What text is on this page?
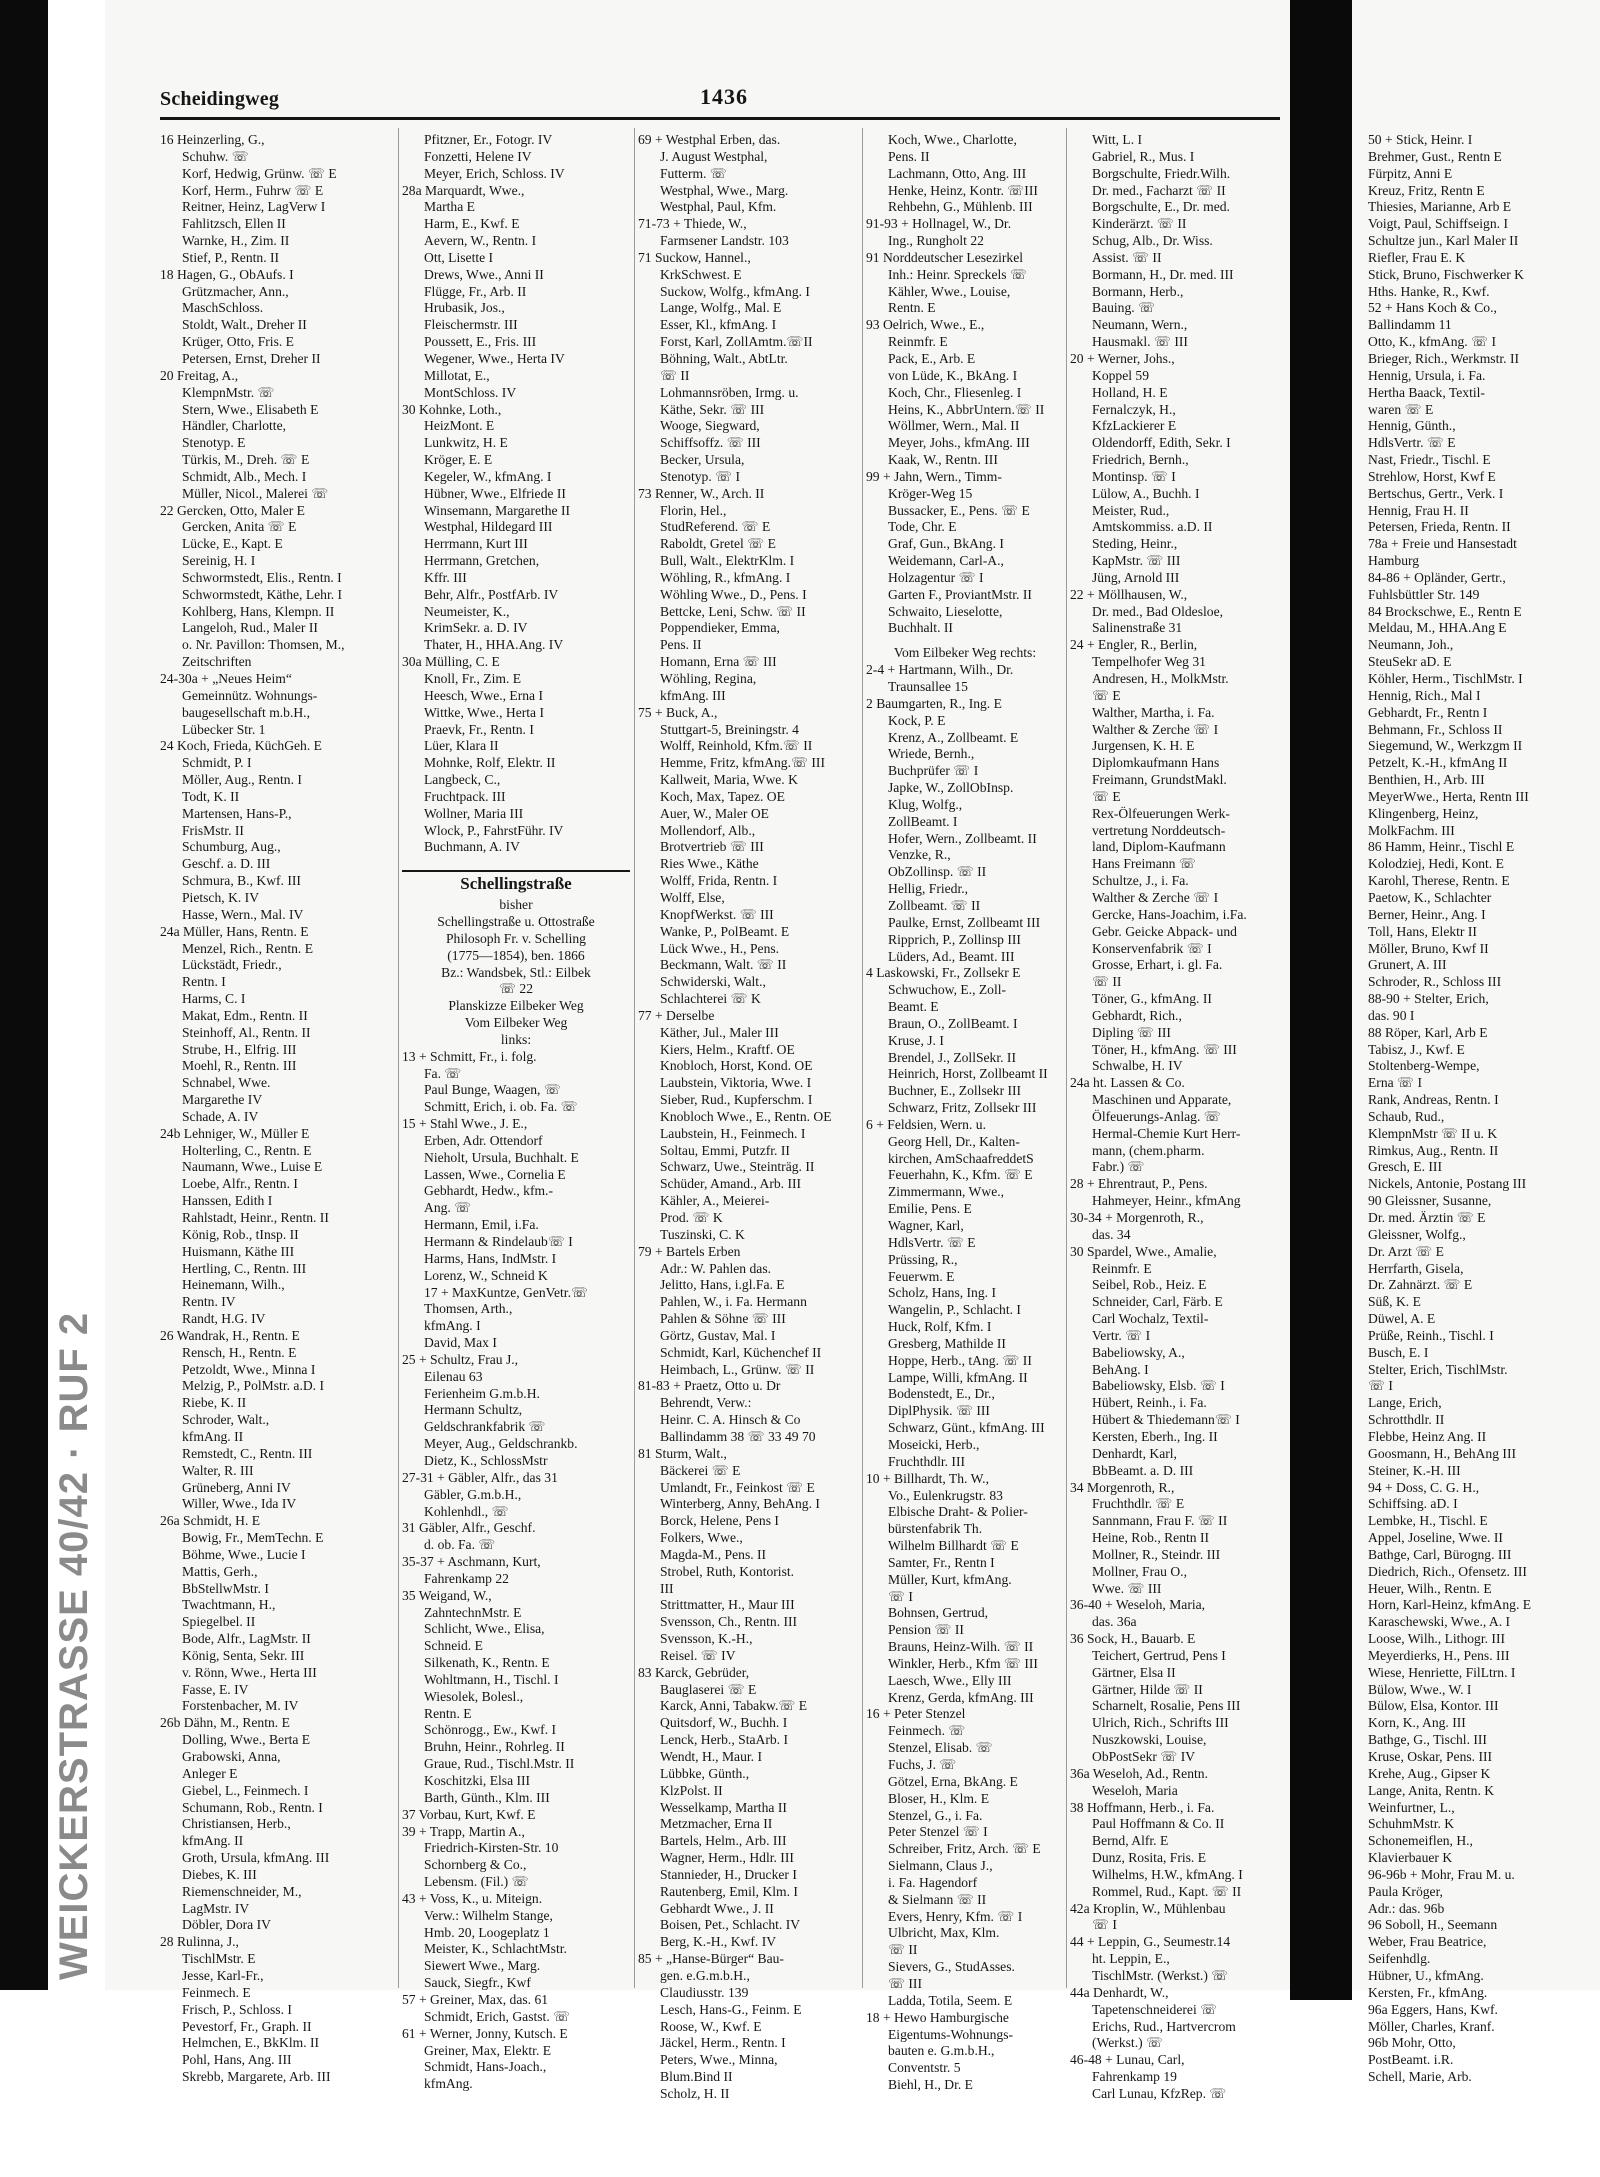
WEICKERSTRASSE 40/42 · RUF 2
Scheidingweg	1436
16 Heinzerling, G.,
Schuhw. ☏
Korf, Hedwig, Grünw. ☏ E
Korf, Herm., Fuhrw ☏ E
Reitner, Heinz, LagVerw I
Fahlitzsch, Ellen II
Warnke, H., Zim. II
Stief, P., Rentn. II
18 Hagen, G., ObAufs. I
Grützmacher, Ann.,
MaschSchloss.
Stoldt, Walt., Dreher II
Krüger, Otto, Fris. E
Petersen, Ernst, Dreher II
20 Freitag, A.,
KlempnMstr. ☏
Stern, Wwe., Elisabeth E
Händler, Charlotte,
Stenotyp. E
Türkis, M., Dreh. ☏ E
Schmidt, Alb., Mech. I
Müller, Nicol., Malerei ☏
22 Gercken, Otto, Maler E
Gercken, Anita ☏ E
Lücke, E., Kapt. E
Sereinig, H. I
Schwormstedt, Elis., Rentn. I
Schwormstedt, Käthe, Lehr. I
Kohlberg, Hans, Klempn. II
Langeloh, Rud., Maler II
o. Nr. Pavillon: Thomsen, M.,
Zeitschriften
24-30a + „Neues Heim“
Gemeinnütz. Wohnungs-
baugesellschaft m.b.H.,
Lübecker Str. 1
24 Koch, Frieda, KüchGeh. E
Schmidt, P. I
Möller, Aug., Rentn. I
Todt, K. II
Martensen, Hans-P.,
FrisMstr. II
Schumburg, Aug.,
Geschf. a. D. III
Schmura, B., Kwf. III
Pietsch, K. IV
Hasse, Wern., Mal. IV
24a Müller, Hans, Rentn. E
Menzel, Rich., Rentn. E
Lückstädt, Friedr.,
Rentn. I
Harms, C. I
Makat, Edm., Rentn. II
Steinhoff, Al., Rentn. II
Strube, H., Elfrig. III
Moehl, R., Rentn. III
Schnabel, Wwe.
Margarethe IV
Schade, A. IV
24b Lehniger, W., Müller E
Holterling, C., Rentn. E
Naumann, Wwe., Luise E
Loebe, Alfr., Rentn. I
Hanssen, Edith I
Rahlstadt, Heinr., Rentn. II
König, Rob., tInsp. II
Huismann, Käthe III
Hertling, C., Rentn. III
Heinemann, Wilh.,
Rentn. IV
Randt, H.G. IV
26 Wandrak, H., Rentn. E
Rensch, H., Rentn. E
Petzoldt, Wwe., Minna I
Melzig, P., PolMstr. a.D. I
Riebe, K. II
Schroder, Walt.,
kfmAng. II
Remstedt, C., Rentn. III
Walter, R. III
Grüneberg, Anni IV
Willer, Wwe., Ida IV
26a Schmidt, H. E
Bowig, Fr., MemTechn. E
Böhme, Wwe., Lucie I
Mattis, Gerh.,
BbStellwMstr. I
Twachtmann, H.,
Spiegelbel. II
Bode, Alfr., LagMstr. II
König, Senta, Sekr. III
v. Rönn, Wwe., Herta III
Fasse, E. IV
Forstenbacher, M. IV
26b Dähn, M., Rentn. E
Dolling, Wwe., Berta E
Grabowski, Anna,
Anleger E
Giebel, L., Feinmech. I
Schumann, Rob., Rentn. I
Christiansen, Herb.,
kfmAng. II
Groth, Ursula, kfmAng. III
Diebes, K. III
Riemenschneider, M.,
LagMstr. IV
Döbler, Dora IV
28 Rulinna, J.,
TischlMstr. E
Jesse, Karl-Fr.,
Feinmech. E
Frisch, P., Schloss. I
Pevestorf, Fr., Graph. II
Helmchen, E., BkKlm. II
Pohl, Hans, Ang. III
Skrebb, Margarete, Arb. III
Pfitzner, Er., Fotogr. IV
Fonzetti, Helene IV
Meyer, Erich, Schloss. IV
28a Marquardt, Wwe.,
Martha E
Harm, E., Kwf. E
Aevern, W., Rentn. I
Ott, Lisette I
Drews, Wwe., Anni II
Flügge, Fr., Arb. II
Hrubasik, Jos.,
Fleischermstr. III
Poussett, E., Fris. III
Wegener, Wwe., Herta IV
Millotat, E.,
MontSchloss. IV
30 Kohnke, Loth.,
HeizMont. E
Lunkwitz, H. E
Kröger, E. E
Kegeler, W., kfmAng. I
Hübner, Wwe., Elfriede II
Winsemann, Margarethe II
Westphal, Hildegard III
Herrmann, Kurt III
Herrmann, Gretchen,
Kffr. III
Behr, Alfr., PostfArb. IV
Neumeister, K.,
KrimSekr. a. D. IV
Thater, H., HHA.Ang. IV
30a Mülling, C. E
Knoll, Fr., Zim. E
Heesch, Wwe., Erna I
Wittke, Wwe., Herta I
Praevk, Fr., Rentn. I
Lüer, Klara II
Mohnke, Rolf, Elektr. II
Langbeck, C.,
Fruchtpack. III
Wollner, Maria III
Wlock, P., FahrstFühr. IV
Buchmann, A. IV
Schellingstraße
bisher
Schellingstraße u. Ottostraße
Philosoph Fr. v. Schelling
(1775—1854), ben. 1866
Bz.: Wandsbek, Stl.: Eilbek
☏ 22
Planskizze Eilbeker Weg
Vom Eilbeker Weg
links:
13 + Schmitt, Fr., i. folg.
Fa. ☏
Paul Bunge, Waagen, ☏
Schmitt, Erich, i. ob. Fa. ☏
15 + Stahl Wwe., J. E.,
Erben, Adr. Ottendorf
Nieholt, Ursula, Buchhalt. E
Lassen, Wwe., Cornelia E
Gebhardt, Hedw., kfm.-
Ang. ☏
Hermann, Emil, i.Fa.
Hermann & Rindelaub☏ I
Harms, Hans, IndMstr. I
Lorenz, W., Schneid K
17 + MaxKuntze, GenVetr.☏
Thomsen, Arth.,
kfmAng. I
David, Max I
25 + Schultz, Frau J.,
Eilenau 63
Ferienheim G.m.b.H.
Hermann Schultz,
Geldschrankfabrik ☏
Meyer, Aug., Geldschrankb.
Dietz, K., SchlossMstr
27-31 + Gäbler, Alfr., das 31
Gäbler, G.m.b.H.,
Kohlenhdl., ☏
31 Gäbler, Alfr., Geschf.
d. ob. Fa. ☏
35-37 + Aschmann, Kurt,
Fahrenkamp 22
35 Weigand, W.,
ZahntechnMstr. E
Schlicht, Wwe., Elisa,
Schneid. E
Silkenath, K., Rentn. E
Wohltmann, H., Tischl. I
Wiesolek, Bolesl.,
Rentn. E
Schönrogg., Ew., Kwf. I
Bruhn, Heinr., Rohrleg. II
Graue, Rud., Tischl.Mstr. II
Koschitzki, Elsa III
Barth, Günth., Klm. III
37 Vorbau, Kurt, Kwf. E
39 + Trapp, Martin A.,
Friedrich-Kirsten-Str. 10
Schornberg & Co.,
Lebensm. (Fil.) ☏
43 + Voss, K., u. Miteign.
Verw.: Wilhelm Stange,
Hmb. 20, Loogeplatz 1
Meister, K., SchlachtMstr.
Siewert Wwe., Marg.
Sauck, Siegfr., Kwf
57 + Greiner, Max, das. 61
Schmidt, Erich, Gastst. ☏
61 + Werner, Jonny, Kutsch. E
Greiner, Max, Elektr. E
Schmidt, Hans-Joach.,
kfmAng.
69 + Westphal Erben, das.
J. August Westphal,
Futterm. ☏
Westphal, Wwe., Marg.
Westphal, Paul, Kfm.
71-73 + Thiede, W.,
Farmsener Landstr. 103
71 Suckow, Hannel.,
KrkSchwest. E
Suckow, Wolfg., kfmAng. I
Lange, Wolfg., Mal. E
Esser, Kl., kfmAng. I
Forst, Karl, ZollAmtm.☏II
Böhning, Walt., AbtLtr.
☏ II
Lohmannsröben, Irmg. u.
Käthe, Sekr. ☏ III
Wooge, Siegward,
Schiffsoffz. ☏ III
Becker, Ursula,
Stenotyp. ☏ I
73 Renner, W., Arch. II
Florin, Hel.,
StudReferend. ☏ E
Raboldt, Gretel ☏ E
Bull, Walt., ElektrKlm. I
Wöhling, R., kfmAng. I
Wöhling Wwe., D., Pens. I
Bettcke, Leni, Schw. ☏ II
Poppendieker, Emma,
Pens. II
Homann, Erna ☏ III
Wöhling, Regina,
kfmAng. III
75 + Buck, A.,
Stuttgart-5, Breiningstr. 4
Wolff, Reinhold, Kfm.☏ II
Hemme, Fritz, kfmAng.☏ III
Kallweit, Maria, Wwe. K
Koch, Max, Tapez. OE
Auer, W., Maler OE
Mollendorf, Alb.,
Brotvertrieb ☏ III
Ries Wwe., Käthe
Wolff, Frida, Rentn. I
Wolff, Else,
KnopfWerkst. ☏ III
Wanke, P., PolBeamt. E
Lück Wwe., H., Pens.
Beckmann, Walt. ☏ II
Schwiderski, Walt.,
Schlachterei ☏ K
77 + Derselbe
Käther, Jul., Maler III
Kiers, Helm., Kraftf. OE
Knobloch, Horst, Kond. OE
Laubstein, Viktoria, Wwe. I
Sieber, Rud., Kupferschm. I
Knobloch Wwe., E., Rentn. OE
Laubstein, H., Feinmech. I
Soltau, Emmi, Putzfr. II
Schwarz, Uwe., Steinträg. II
Schüder, Amand., Arb. III
Kähler, A., Meierei-
Prod. ☏ K
Tuszinski, C. K
79 + Bartels Erben
Adr.: W. Pahlen das.
Jelitto, Hans, i.gl.Fa. E
Pahlen, W., i. Fa. Hermann
Pahlen & Söhne ☏ III
Görtz, Gustav, Mal. I
Schmidt, Karl, Küchenchef II
Heimbach, L., Grünw. ☏ II
81-83 + Praetz, Otto u. Dr
Behrendt, Verw.:
Heinr. C. A. Hinsch & Co
Ballindamm 38 ☏ 33 49 70
81 Sturm, Walt.,
Bäckerei ☏ E
Umlandt, Fr., Feinkost ☏ E
Winterberg, Anny, BehAng. I
Borck, Helene, Pens I
Folkers, Wwe.,
Magda-M., Pens. II
Strobel, Ruth, Kontorist.
III
Strittmatter, H., Maur III
Svensson, Ch., Rentn. III
Svensson, K.-H.,
Reisel. ☏ IV
83 Karck, Gebrüder,
Bauglaserei ☏ E
Karck, Anni, Tabakw.☏ E
Quitsdorf, W., Buchh. I
Lenck, Herb., StaArb. I
Wendt, H., Maur. I
Lübbke, Günth.,
KlzPolst. II
Wesselkamp, Martha II
Metzmacher, Erna II
Bartels, Helm., Arb. III
Wagner, Herm., Hdlr. III
Stannieder, H., Drucker I
Rautenberg, Emil, Klm. I
Gebhardt Wwe., J. II
Boisen, Pet., Schlacht. IV
Berg, K.-H., Kwf. IV
85 + „Hanse-Bürger“ Bau-
gen. e.G.m.b.H.,
Claudiusstr. 139
Lesch, Hans-G., Feinm. E
Roose, W., Kwf. E
Jäckel, Herm., Rentn. I
Peters, Wwe., Minna,
Blum.Bind II
Scholz, H. II
Koch, Wwe., Charlotte,
Pens. II
Lachmann, Otto, Ang. III
Henke, Heinz, Kontr. ☏III
Rehbehn, G., Mühlenb. III
91-93 + Hollnagel, W., Dr.
Ing., Rungholt 22
91 Norddeutscher Lesezirkel
Inh.: Heinr. Spreckels ☏
Kähler, Wwe., Louise,
Rentn. E
93 Oelrich, Wwe., E.,
Reinmfr. E
Pack, E., Arb. E
von Lüde, K., BkAng. I
Koch, Chr., Fliesenleg. I
Heins, K., AbbrUntern.☏ II
Wöllmer, Wern., Mal. II
Meyer, Johs., kfmAng. III
Kaak, W., Rentn. III
99 + Jahn, Wern., Timm-
Kröger-Weg 15
Bussacker, E., Pens. ☏ E
Tode, Chr. E
Graf, Gun., BkAng. I
Weidemann, Carl-A.,
Holzagentur ☏ I
Garten F., ProviantMstr. II
Schwaito, Lieselotte,
Buchhalt. II
Vom Eilbeker Weg rechts:
2-4 + Hartmann, Wilh., Dr.
Traunsallee 15
2 Baumgarten, R., Ing. E
Kock, P. E
Krenz, A., Zollbeamt. E
Wriede, Bernh.,
Buchprüfer ☏ I
Japke, W., ZollObInsp.
Klug, Wolfg.,
ZollBeamt. I
Hofer, Wern., Zollbeamt. II
Venzke, R.,
ObZollinsp. ☏ II
Hellig, Friedr.,
Zollbeamt. ☏ II
Paulke, Ernst, Zollbeamt III
Ripprich, P., Zollinsp III
Lüders, Ad., Beamt. III
4 Laskowski, Fr., Zollsekr E
Schwuchow, E., Zoll-
Beamt. E
Braun, O., ZollBeamt. I
Kruse, J. I
Brendel, J., ZollSekr. II
Heinrich, Horst, Zollbeamt II
Buchner, E., Zollsekr III
Schwarz, Fritz, Zollsekr III
6 + Feldsien, Wern. u.
Georg Hell, Dr., Kalten-
kirchen, AmSchaafreddetS
Feuerhahn, K., Kfm. ☏ E
Zimmermann, Wwe.,
Emilie, Pens. E
Wagner, Karl,
HdlsVertr. ☏ E
Prüssing, R.,
Feuerwm. E
Scholz, Hans, Ing. I
Wangelin, P., Schlacht. I
Huck, Rolf, Kfm. I
Gresberg, Mathilde II
Hoppe, Herb., tAng. ☏ II
Lampe, Willi, kfmAng. II
Bodenstedt, E., Dr.,
DiplPhysik. ☏ III
Schwarz, Günt., kfmAng. III
Moseicki, Herb.,
Fruchthdlr. III
10 + Billhardt, Th. W.,
Vo., Eulenkrugstr. 83
Elbische Draht- & Polier-
bürstenfabrik Th.
Wilhelm Billhardt ☏ E
Samter, Fr., Rentn I
Müller, Kurt, kfmAng.
☏ I
Bohnsen, Gertrud,
Pension ☏ II
Brauns, Heinz-Wilh. ☏ II
Winkler, Herb., Kfm ☏ III
Laesch, Wwe., Elly III
Krenz, Gerda, kfmAng. III
16 + Peter Stenzel
Feinmech. ☏
Stenzel, Elisab. ☏
Fuchs, J. ☏
Götzel, Erna, BkAng. E
Bloser, H., Klm. E
Stenzel, G., i. Fa.
Peter Stenzel ☏ I
Schreiber, Fritz, Arch. ☏ E
Sielmann, Claus J.,
i. Fa. Hagendorf
& Sielmann ☏ II
Evers, Henry, Kfm. ☏ I
Ulbricht, Max, Klm.
☏ II
Sievers, G., StudAsses.
☏ III
Ladda, Totila, Seem. E
18 + Hewo Hamburgische
Eigentums-Wohnungs-
bauten e. G.m.b.H.,
Conventstr. 5
Biehl, H., Dr. E
Witt, L. I
Gabriel, R., Mus. I
Borgschulte, Friedr.Wilh.
Dr. med., Facharzt ☏ II
Borgschulte, E., Dr. med.
Kinderärzt. ☏ II
Schug, Alb., Dr. Wiss.
Assist. ☏ II
Bormann, H., Dr. med. III
Bormann, Herb.,
Bauing. ☏
Neumann, Wern.,
Hausmakl. ☏ III
20 + Werner, Johs.,
Koppel 59
Holland, H. E
Fernalczyk, H.,
KfzLackierer E
Oldendorff, Edith, Sekr. I
Friedrich, Bernh.,
Montinsp. ☏ I
Lülow, A., Buchh. I
Meister, Rud.,
Amtskommiss. a.D. II
Steding, Heinr.,
KapMstr. ☏ III
Jüng, Arnold III
22 + Möllhausen, W.,
Dr. med., Bad Oldesloe,
Salinenstraße 31
24 + Engler, R., Berlin,
Tempelhofer Weg 31
Andresen, H., MolkMstr.
☏ E
Walther, Martha, i. Fa.
Walther & Zerche ☏ I
Jurgensen, K. H. E
Diplomkaufmann Hans
Freimann, GrundstMakl.
☏ E
Rex-Ölfeuerungen Werk-
vertretung Norddeutsch-
land, Diplom-Kaufmann
Hans Freimann ☏
Schultze, J., i. Fa.
Walther & Zerche ☏ I
Gercke, Hans-Joachim, i.Fa.
Gebr. Geicke Abpack- und
Konservenfabrik ☏ I
Grosse, Erhart, i. gl. Fa.
☏ II
Töner, G., kfmAng. II
Gebhardt, Rich.,
Dipling ☏ III
Töner, H., kfmAng. ☏ III
Schwalbe, H. IV
24a ht. Lassen & Co.
Maschinen und Apparate,
Ölfeuerungs-Anlag. ☏
Hermal-Chemie Kurt Herr-
mann, (chem.pharm.
Fabr.) ☏
28 + Ehrentraut, P., Pens.
Hahmeyer, Heinr., kfmAng
30-34 + Morgenroth, R.,
das. 34
30 Spardel, Wwe., Amalie,
Reinmfr. E
Seibel, Rob., Heiz. E
Schneider, Carl, Färb. E
Carl Wochalz, Textil-
Vertr. ☏ I
Babeliowsky, A.,
BehAng. I
Babeliowsky, Elsb. ☏ I
Hübert, Reinh., i. Fa.
Hübert & Thiedemann☏ I
Kersten, Eberh., Ing. II
Denhardt, Karl,
BbBeamt. a. D. III
34 Morgenroth, R.,
Fruchthdlr. ☏ E
Sannmann, Frau F. ☏ II
Heine, Rob., Rentn II
Mollner, R., Steindr. III
Mollner, Frau O.,
Wwe. ☏ III
36-40 + Weseloh, Maria,
das. 36a
36 Sock, H., Bauarb. E
Teichert, Gertrud, Pens I
Gärtner, Elsa II
Gärtner, Hilde ☏ II
Scharnelt, Rosalie, Pens III
Ulrich, Rich., Schrifts III
Nuszkowski, Louise,
ObPostSekr ☏ IV
36a Weseloh, Ad., Rentn.
Weseloh, Maria
38 Hoffmann, Herb., i. Fa.
Paul Hoffmann & Co. II
Bernd, Alfr. E
Dunz, Rosita, Fris. E
Wilhelms, H.W., kfmAng. I
Rommel, Rud., Kapt. ☏ II
42a Kroplin, W., Mühlenbau
☏ I
44 + Leppin, G., Seumestr.14
ht. Leppin, E.,
TischlMstr. (Werkst.) ☏
44a Denhardt, W.,
Tapetenschneiderei ☏
Erichs, Rud., Hartvercrom
(Werkst.) ☏
46-48 + Lunau, Carl,
Fahrenkamp 19
Carl Lunau, KfzRep. ☏
50 + Stick, Heinr. I
Brehmer, Gust., Rentn E
Fürpitz, Anni E
Kreuz, Fritz, Rentn E
Thiesies, Marianne, Arb E
Voigt, Paul, Schiffseign. I
Schultze jun., Karl Maler II
Riefler, Frau E. K
Stick, Bruno, Fischwerker K
Hths. Hanke, R., Kwf.
52 + Hans Koch & Co.,
Ballindamm 11
Otto, K., kfmAng. ☏ I
Brieger, Rich., Werkmstr. II
Hennig, Ursula, i. Fa.
Hertha Baack, Textil-
waren ☏ E
Hennig, Günth.,
HdlsVertr. ☏ E
Nast, Friedr., Tischl. E
Strehlow, Horst, Kwf E
Bertschus, Gertr., Verk. I
Hennig, Frau H. II
Petersen, Frieda, Rentn. II
78a + Freie und Hansestadt
Hamburg
84-86 + Opländer, Gertr.,
Fuhlsbüttler Str. 149
84 Brockschwe, E., Rentn E
Meldau, M., HHA.Ang E
Neumann, Joh.,
SteuSekr aD. E
Köhler, Herm., TischlMstr. I
Hennig, Rich., Mal I
Gebhardt, Fr., Rentn I
Behmann, Fr., Schloss II
Siegemund, W., Werkzgm II
Petzelt, K.-H., kfmAng II
Benthien, H., Arb. III
MeyerWwe., Herta, Rentn III
Klingenberg, Heinz,
MolkFachm. III
86 Hamm, Heinr., Tischl E
Kolodziej, Hedi, Kont. E
Karohl, Therese, Rentn. E
Paetow, K., Schlachter
Berner, Heinr., Ang. I
Toll, Hans, Elektr II
Möller, Bruno, Kwf II
Grunert, A. III
Schroder, R., Schloss III
88-90 + Stelter, Erich,
das. 90 I
88 Röper, Karl, Arb E
Tabisz, J., Kwf. E
Stoltenberg-Wempe,
Erna ☏ I
Rank, Andreas, Rentn. I
Schaub, Rud.,
KlempnMstr ☏ II u. K
Rimkus, Aug., Rentn. II
Gresch, E. III
Nickels, Antonie, Postang III
90 Gleissner, Susanne,
Dr. med. Ärztin ☏ E
Gleissner, Wolfg.,
Dr. Arzt ☏ E
Herrfarth, Gisela,
Dr. Zahnärzt. ☏ E
Süß, K. E
Düwel, A. E
Prüße, Reinh., Tischl. I
Busch, E. I
Stelter, Erich, TischlMstr.
☏ I
Lange, Erich,
Schrotthdlr. II
Flebbe, Heinz Ang. II
Goosmann, H., BehAng III
Steiner, K.-H. III
94 + Doss, C. G. H.,
Schiffsing. aD. I
Lembke, H., Tischl. E
Appel, Joseline, Wwe. II
Bathge, Carl, Bürogng. III
Diedrich, Rich., Ofensetz. III
Heuer, Wilh., Rentn. E
Horn, Karl-Heinz, kfmAng. E
Karaschewski, Wwe., A. I
Loose, Wilh., Lithogr. III
Meyerdierks, H., Pens. III
Wiese, Henriette, FilLtrn. I
Bülow, Wwe., W. I
Bülow, Elsa, Kontor. III
Korn, K., Ang. III
Bathge, G., Tischl. III
Kruse, Oskar, Pens. III
Krehe, Aug., Gipser K
Lange, Anita, Rentn. K
Weinfurtner, L.,
SchuhmMstr. K
Schonemeiflen, H.,
Klavierbauer K
96-96b + Mohr, Frau M. u.
Paula Kröger,
Adr.: das. 96b
96 Soboll, H., Seemann
Weber, Frau Beatrice,
Seifenhdlg.
Hübner, U., kfmAng.
Kersten, Fr., kfmAng.
96a Eggers, Hans, Kwf.
Möller, Charles, Kranf.
96b Mohr, Otto,
PostBeamt. i.R.
Schell, Marie, Arb.
